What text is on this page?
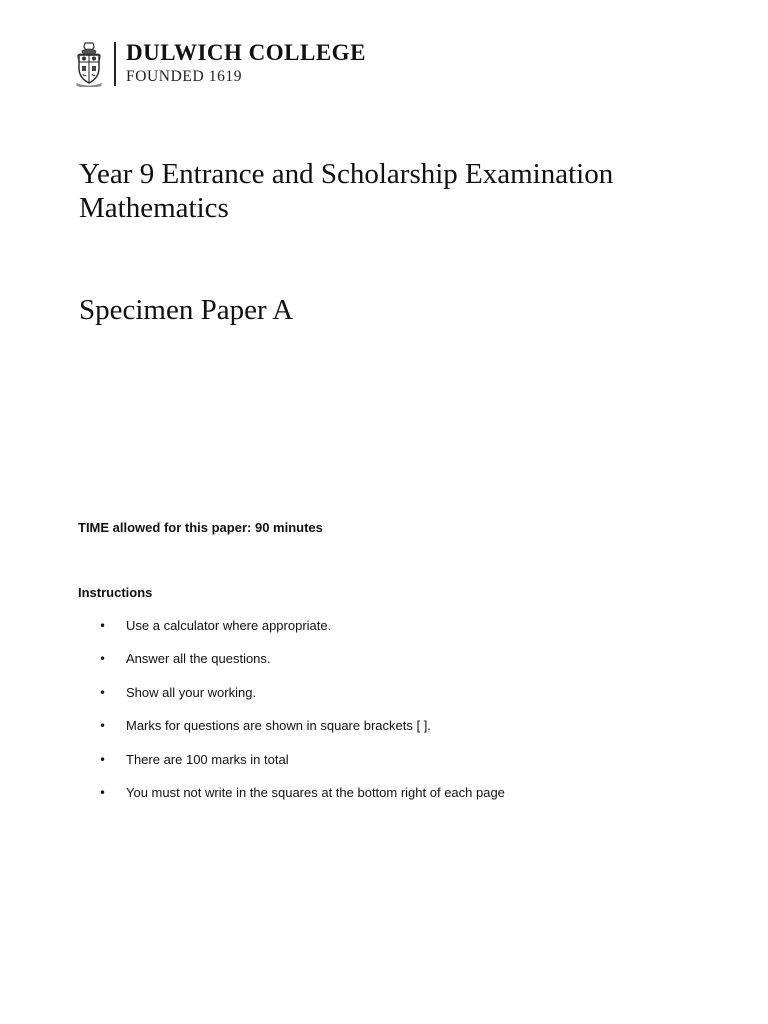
DULWICH COLLEGE
FOUNDED 1619
Year 9 Entrance and Scholarship Examination
Mathematics
Specimen Paper A
TIME allowed for this paper: 90 minutes
Instructions
•	Use a calculator where appropriate.
•	Answer all the questions.
•	Show all your working.
•	Marks for questions are shown in square brackets [ ].
•	There are 100 marks in total
•	You must not write in the squares at the bottom right of each page
